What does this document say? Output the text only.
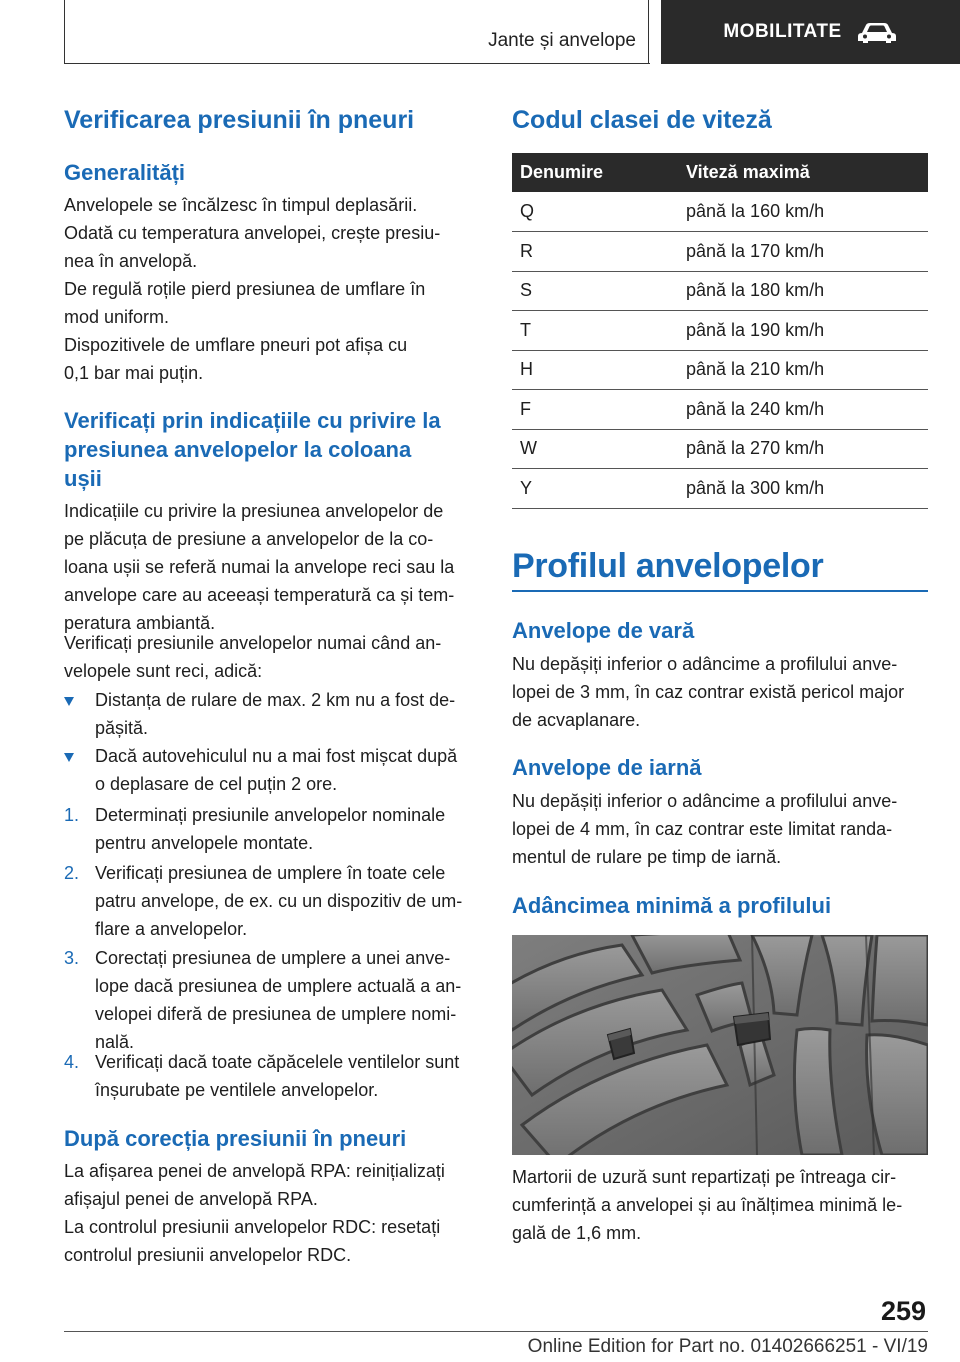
Jante și anvelope	MOBILITATE
Verificarea presiunii în pneuri
Generalități
Anvelopele se încălzesc în timpul deplasării.
Odată cu temperatura anvelopei, crește presiu-
nea în anvelopă.
De regulă roțile pierd presiunea de umflare în
mod uniform.
Dispozitivele de umflare pneuri pot afișa cu
0,1 bar mai puțin.
Verificați prin indicațiile cu privire la
presiunea anvelopelor la coloana
ușii
Indicațiile cu privire la presiunea anvelopelor de
pe plăcuța de presiune a anvelopelor de la co-
loana ușii se referă numai la anvelope reci sau la
anvelope care au aceeași temperatură ca și tem-
peratura ambiantă.
Verificați presiunile anvelopelor numai când an-
velopele sunt reci, adică:
Distanța de rulare de max. 2 km nu a fost de-
pășită.
Dacă autovehiculul nu a mai fost mișcat după
o deplasare de cel puțin 2 ore.
1. Determinați presiunile anvelopelor nominale
pentru anvelopele montate.
2. Verificați presiunea de umplere în toate cele
patru anvelope, de ex. cu un dispozitiv de um-
flare a anvelopelor.
3. Corectați presiunea de umplere a unei anve-
lope dacă presiunea de umplere actuală a an-
velopei diferă de presiunea de umplere nomi-
nală.
4. Verificați dacă toate căpăcelele ventilelor sunt
înșurubate pe ventilele anvelopelor.
După corecția presiunii în pneuri
La afișarea penei de anvelopă RPA: reinițializați
afișajul penei de anvelopă RPA.
La controlul presiunii anvelopelor RDC: resetați
controlul presiunii anvelopelor RDC.
Codul clasei de viteză
Denumire	Viteză maximă
Q	până la 160 km/h
R	până la 170 km/h
S	până la 180 km/h
T	până la 190 km/h
H	până la 210 km/h
F	până la 240 km/h
W	până la 270 km/h
Y	până la 300 km/h
Profilul anvelopelor
Anvelope de vară
Nu depășiți inferior o adâncime a profilului anve-
lopei de 3 mm, în caz contrar există pericol major
de acvaplanare.
Anvelope de iarnă
Nu depășiți inferior o adâncime a profilului anve-
lopei de 4 mm, în caz contrar este limitat randa-
mentul de rulare pe timp de iarnă.
Adâncimea minimă a profilului
Martorii de uzură sunt repartizați pe întreaga cir-
cumferință a anvelopei și au înălțimea minimă le-
gală de 1,6 mm.
259
Online Edition for Part no. 01402666251 - VI/19
